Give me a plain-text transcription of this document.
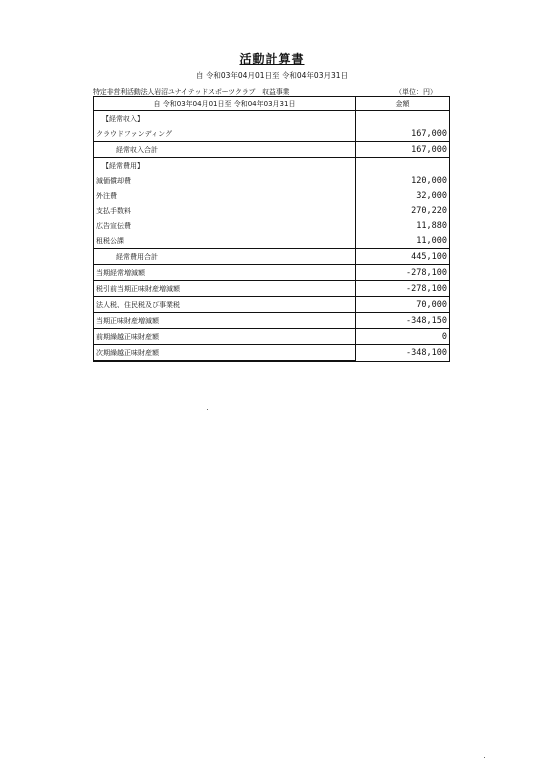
活動計算書
自 令和03年04月01日至 令和04年03月31日
特定非営利活動法人岩沼ユナイテッドスポーツクラブ　収益事業	（単位：円）
自 令和03年04月01日至 令和04年03月31日	金額
【経常収入】	
クラウドファンディング	167,000
経常収入合計	167,000
【経常費用】	
減価償却費	120,000
外注費	32,000
支払手数料	270,220
広告宣伝費	11,880
租税公課	11,000
経常費用合計	445,100
当期経常増減額	-278,100
税引前当期正味財産増減額	-278,100
法人税、住民税及び事業税	70,000
当期正味財産増減額	-348,150
前期繰越正味財産額	0
次期繰越正味財産額	-348,100
